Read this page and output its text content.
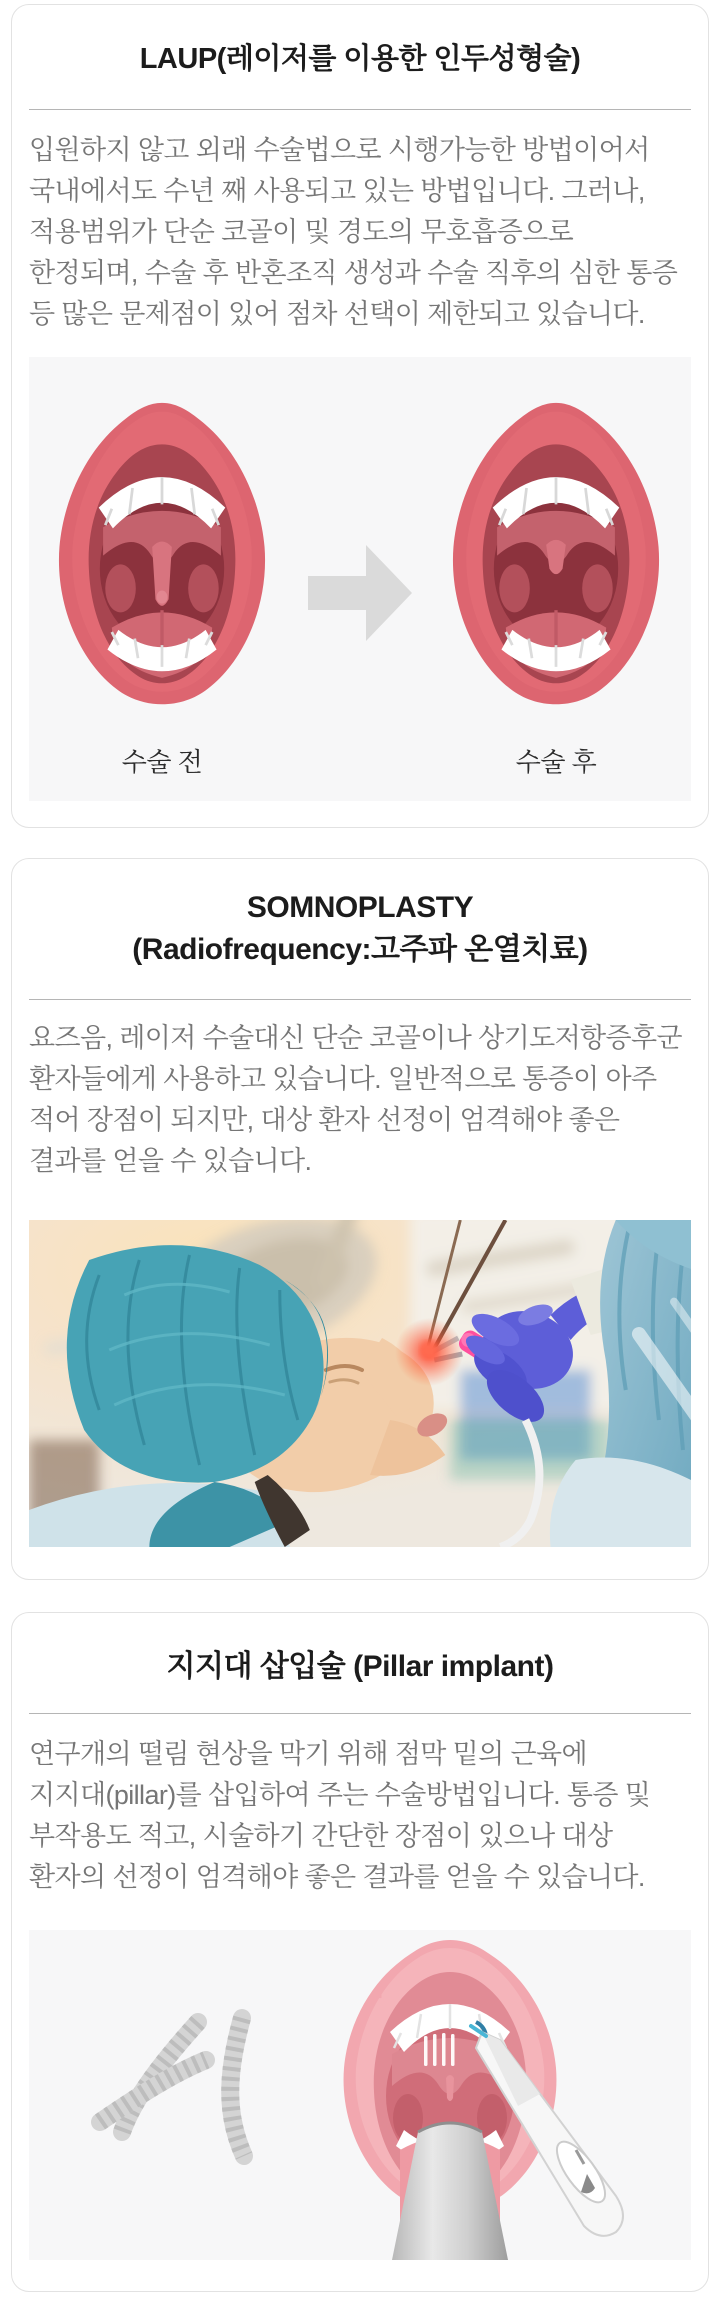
LAUP(레이저를 이용한 인두성형술)
입원하지 않고 외래 수술법으로 시행가능한 방법이어서
국내에서도 수년 째 사용되고 있는 방법입니다. 그러나,
적용범위가 단순 코골이 및 경도의 무호흡증으로
한정되며, 수술 후 반혼조직 생성과 수술 직후의 심한 통증
등 많은 문제점이 있어 점차 선택이 제한되고 있습니다.
수술 전	수술 후
SOMNOPLASTY
(Radiofrequency:고주파 온열치료)
요즈음, 레이저 수술대신 단순 코골이나 상기도저항증후군
환자들에게 사용하고 있습니다. 일반적으로 통증이 아주
적어 장점이 되지만, 대상 환자 선정이 엄격해야 좋은
결과를 얻을 수 있습니다.
지지대 삽입술 (Pillar implant)
연구개의 떨림 현상을 막기 위해 점막 밑의 근육에
지지대(pillar)를 삽입하여 주는 수술방법입니다. 통증 및
부작용도 적고, 시술하기 간단한 장점이 있으나 대상
환자의 선정이 엄격해야 좋은 결과를 얻을 수 있습니다.
